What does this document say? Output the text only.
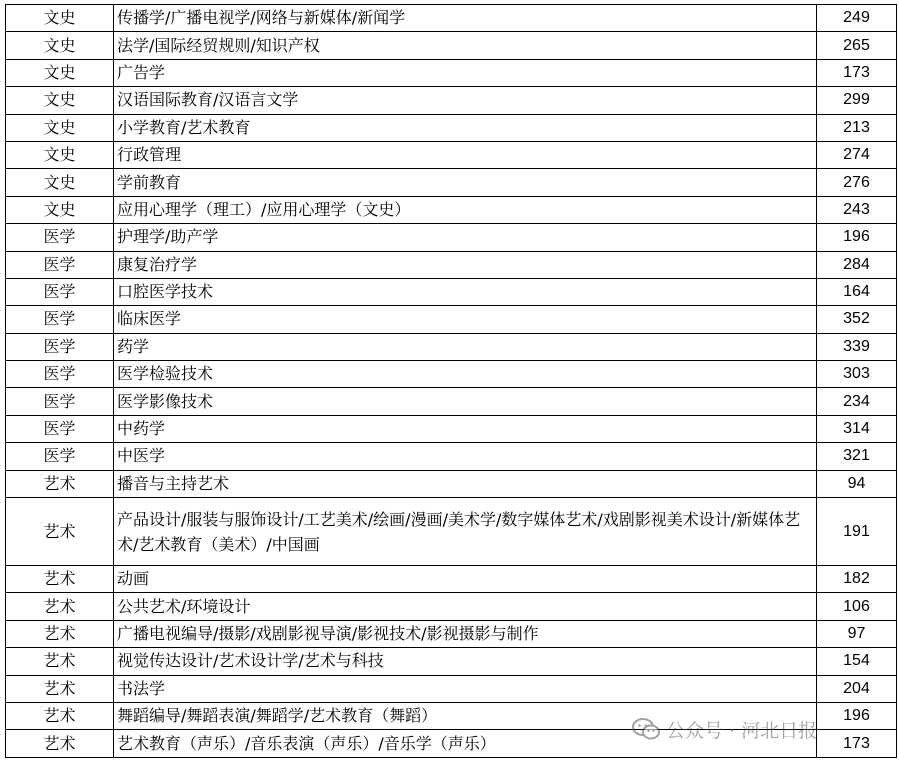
文史	传播学/广播电视学/网络与新媒体/新闻学	249
文史	法学/国际经贸规则/知识产权	265
文史	广告学	173
文史	汉语国际教育/汉语言文学	299
文史	小学教育/艺术教育	213
文史	行政管理	274
文史	学前教育	276
文史	应用心理学（理工）/应用心理学（文史）	243
医学	护理学/助产学	196
医学	康复治疗学	284
医学	口腔医学技术	164
医学	临床医学	352
医学	药学	339
医学	医学检验技术	303
医学	医学影像技术	234
医学	中药学	314
医学	中医学	321
艺术	播音与主持艺术	94
艺术	产品设计/服装与服饰设计/工艺美术/绘画/漫画/美术学/数字媒体艺术/戏剧影视美术设计/新媒体艺术/艺术教育（美术）/中国画	191
艺术	动画	182
艺术	公共艺术/环境设计	106
艺术	广播电视编导/摄影/戏剧影视导演/影视技术/影视摄影与制作	97
艺术	视觉传达设计/艺术设计学/艺术与科技	154
艺术	书法学	204
艺术	舞蹈编导/舞蹈表演/舞蹈学/艺术教育（舞蹈）	196
艺术	艺术教育（声乐）/音乐表演（声乐）/音乐学（声乐）	173
公众号 · 河北日报
